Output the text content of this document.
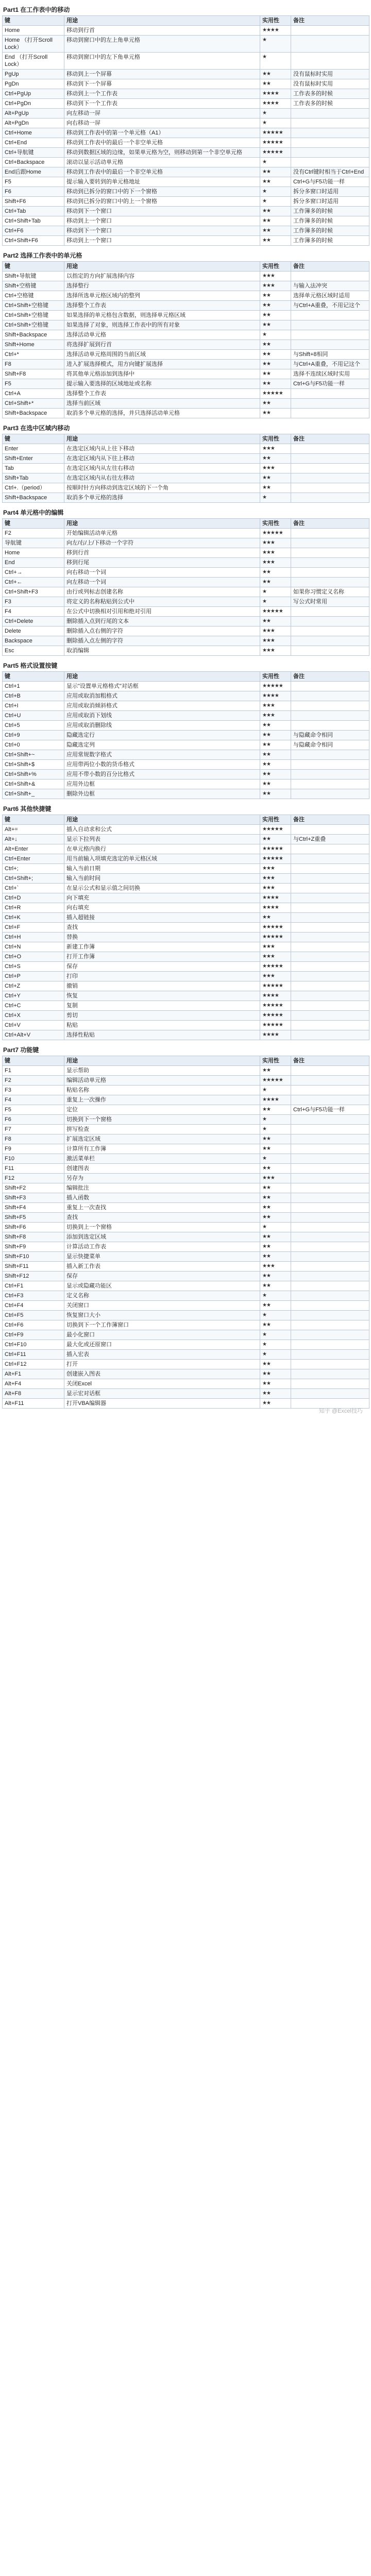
Part1 在工作表中的移动
键	用途	实用性	备注
Home	移动到行首	★★★★	
Home （打开Scroll Lock）	移动到窗口中的左上角单元格	★	
End （打开Scroll Lock）	移动到窗口中的左下角单元格	★	
PgUp	移动到上一个屏幕	★★	没有鼠标时实用
PgDn	移动到下一个屏幕	★★	没有鼠标时实用
Ctrl+PgUp	移动到上一个工作表	★★★★	工作表多的时候
Ctrl+PgDn	移动到下一个工作表	★★★★	工作表多的时候
Alt+PgUp	向左移动一屏	★	
Alt+PgDn	向右移动一屏	★	
Ctrl+Home	移动到工作表中的第一个单元格（A1）	★★★★★	
Ctrl+End	移动到工作表中的最后一个非空单元格	★★★★★	
Ctrl+导航键	移动到数据区域的边缘，如果单元格为空，则移动到第一个非空单元格	★★★★★	
Ctrl+Backspace	滚动以显示活动单元格	★	
End后跟Home	移动到工作表中的最后一个非空单元格	★★	没有Ctrl键时相当于Ctrl+End
F5	提示输入要转到的单元格地址	★★	Ctrl+G与F5功能一样
F6	移动到已拆分的窗口中的下一个窗格	★	拆分多窗口时适用
Shift+F6	移动到已拆分的窗口中的上一个窗格	★	拆分多窗口时适用
Ctrl+Tab	移动到下一个窗口	★★	工作簿多的时候
Ctrl+Shift+Tab	移动到上一个窗口	★★	工作簿多的时候
Ctrl+F6	移动到下一个窗口	★★	工作簿多的时候
Ctrl+Shift+F6	移动到上一个窗口	★★	工作簿多的时候
Part2 选择工作表中的单元格
键	用途	实用性	备注
Shift+导航键	以指定的方向扩展选择内容	★★★	
Shift+空格键	选择整行	★★★	与输入法冲突
Ctrl+空格键	选择所选单元格区域内的整列	★★	选择单元格区域时适用
Ctrl+Shift+空格键	选择整个工作表	★★	与Ctrl+A重叠，不用记这个
Ctrl+Shift+空格键	如果选择的单元格包含数据，则选择单元格区域	★★	
Ctrl+Shift+空格键	如果选择了对象，则选择工作表中的所有对象	★★	
Shift+Backspace	选择活动单元格	★	
Shift+Home	将选择扩展到行首	★★	
Ctrl+*	选择活动单元格周围的当前区域	★★	与Shift+8相同
F8	进入扩展选择模式，用方向键扩展选择	★★	与Ctrl+A重叠，不用记这个
Shift+F8	将其他单元格添加到选择中	★★	选择不连续区域时实用
F5	提示输入要选择的区域地址或名称	★★	Ctrl+G与F5功能一样
Ctrl+A	选择整个工作表	★★★★★	
Ctrl+Shift+*	选择当前区域	★★	
Shift+Backspace	取消多个单元格的选择，并只选择活动单元格	★★	
Part3 在选中区域内移动
键	用途	实用性	备注
Enter	在选定区域内从上往下移动	★★★	
Shift+Enter	在选定区域内从下往上移动	★★	
Tab	在选定区域内从左往右移动	★★★	
Shift+Tab	在选定区域内从右往左移动	★★	
Ctrl+.（period）	按顺时针方向移动到选定区域的下一个角	★★	
Shift+Backspace	取消多个单元格的选择	★	
Part4 单元格中的编辑
键	用途	实用性	备注
F2	开始编辑活动单元格	★★★★★	
导航键	向左/右/上/下移动一个字符	★★★	
Home	移到行首	★★★	
End	移到行尾	★★★	
Ctrl+→	向右移动一个词	★★	
Ctrl+←	向左移动一个词	★★	
Ctrl+Shift+F3	由行或列标志创建名称	★	如果你习惯定义名称
F3	将定义的名称粘贴到公式中	★	写公式时常用
F4	在公式中切换相对引用和绝对引用	★★★★★	
Ctrl+Delete	删除插入点到行尾的文本	★★	
Delete	删除插入点右侧的字符	★★★	
Backspace	删除插入点左侧的字符	★★★	
Esc	取消编辑	★★★	
Part5 格式设置按键
键	用途	实用性	备注
Ctrl+1	显示"设置单元格格式"对话框	★★★★★	
Ctrl+B	应用或取消加粗格式	★★★★	
Ctrl+I	应用或取消倾斜格式	★★★	
Ctrl+U	应用或取消下划线	★★★	
Ctrl+5	应用或取消删除线	★★	
Ctrl+9	隐藏选定行	★★	与隐藏命令相同
Ctrl+0	隐藏选定列	★★	与隐藏命令相同
Ctrl+Shift+~	应用常规数字格式	★★	
Ctrl+Shift+$	应用带两位小数的货币格式	★★	
Ctrl+Shift+%	应用不带小数的百分比格式	★★	
Ctrl+Shift+&	应用外边框	★★	
Ctrl+Shift+_	删除外边框	★★	
Part6 其他快捷键
键	用途	实用性	备注
Alt+=	插入自动求和公式	★★★★★	
Alt+↓	显示下拉列表	★★	与Ctrl+Z重叠
Alt+Enter	在单元格内换行	★★★★★	
Ctrl+Enter	用当前输入项填充选定的单元格区域	★★★★★	
Ctrl+;	输入当前日期	★★★	
Ctrl+Shift+;	输入当前时间	★★★	
Ctrl+`	在显示公式和显示值之间切换	★★★	
Ctrl+D	向下填充	★★★★	
Ctrl+R	向右填充	★★★★	
Ctrl+K	插入超链接	★★	
Ctrl+F	查找	★★★★★	
Ctrl+H	替换	★★★★★	
Ctrl+N	新建工作簿	★★★	
Ctrl+O	打开工作簿	★★★	
Ctrl+S	保存	★★★★★	
Ctrl+P	打印	★★★	
Ctrl+Z	撤销	★★★★★	
Ctrl+Y	恢复	★★★★	
Ctrl+C	复制	★★★★★	
Ctrl+X	剪切	★★★★★	
Ctrl+V	粘贴	★★★★★	
Ctrl+Alt+V	选择性粘贴	★★★★	
Part7 功能键
键	用途	实用性	备注
F1	显示帮助	★★	
F2	编辑活动单元格	★★★★★	
F3	粘贴名称	★	
F4	重复上一次操作	★★★★	
F5	定位	★★	Ctrl+G与F5功能一样
F6	切换到下一个窗格	★	
F7	拼写检查	★	
F8	扩展选定区域	★★	
F9	计算所有工作簿	★★	
F10	激活菜单栏	★	
F11	创建图表	★★	
F12	另存为	★★★	
Shift+F2	编辑批注	★★	
Shift+F3	插入函数	★★	
Shift+F4	重复上一次查找	★★	
Shift+F5	查找	★★	
Shift+F6	切换到上一个窗格	★	
Shift+F8	添加到选定区域	★★	
Shift+F9	计算活动工作表	★★	
Shift+F10	显示快捷菜单	★★	
Shift+F11	插入新工作表	★★★	
Shift+F12	保存	★★	
Ctrl+F1	显示或隐藏功能区	★★	
Ctrl+F3	定义名称	★	
Ctrl+F4	关闭窗口	★★	
Ctrl+F5	恢复窗口大小	★	
Ctrl+F6	切换到下一个工作簿窗口	★★	
Ctrl+F9	最小化窗口	★	
Ctrl+F10	最大化或还原窗口	★	
Ctrl+F11	插入宏表	★	
Ctrl+F12	打开	★★	
Alt+F1	创建嵌入图表	★★	
Alt+F4	关闭Excel	★★	
Alt+F8	显示宏对话框	★★	
Alt+F11	打开VBA编辑器	★★	
知乎 @Excel技巧
